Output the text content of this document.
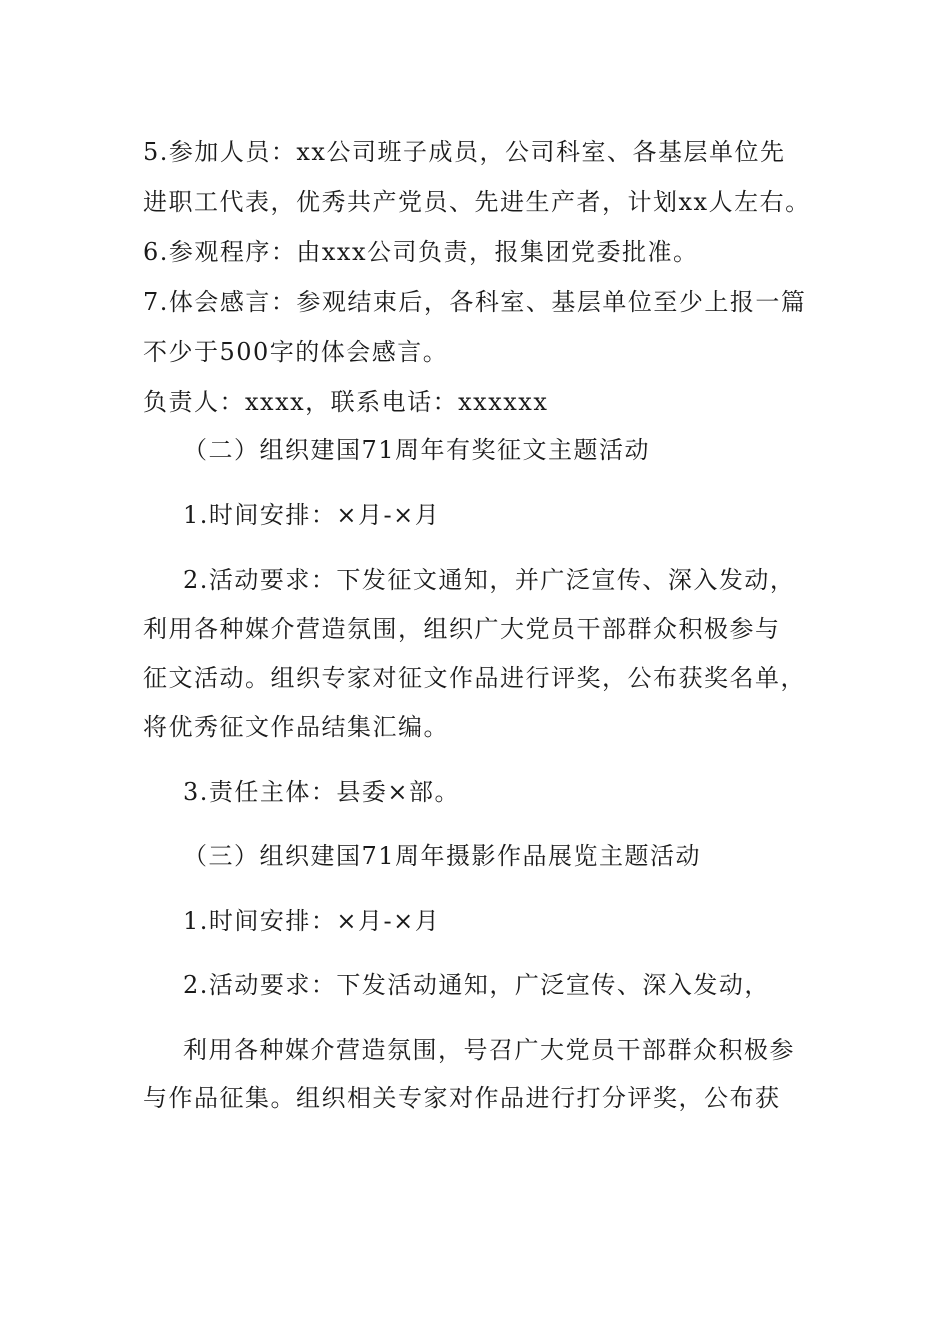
5.参加人员：xx公司班子成员，公司科室、各基层单位先
进职工代表，优秀共产党员、先进生产者，计划xx人左右。
6.参观程序：由xxx公司负责，报集团党委批准。
7.体会感言：参观结束后，各科室、基层单位至少上报一篇
不少于500字的体会感言。
负责人：xxxx，联系电话：xxxxxx
（二）组织建国71周年有奖征文主题活动
1.时间安排：×月-×月
2.活动要求：下发征文通知，并广泛宣传、深入发动，
利用各种媒介营造氛围，组织广大党员干部群众积极参与
征文活动。组织专家对征文作品进行评奖，公布获奖名单，
将优秀征文作品结集汇编。
3.责任主体：县委×部。
（三）组织建国71周年摄影作品展览主题活动
1.时间安排：×月-×月
2.活动要求：下发活动通知，广泛宣传、深入发动，
利用各种媒介营造氛围，号召广大党员干部群众积极参
与作品征集。组织相关专家对作品进行打分评奖，公布获
